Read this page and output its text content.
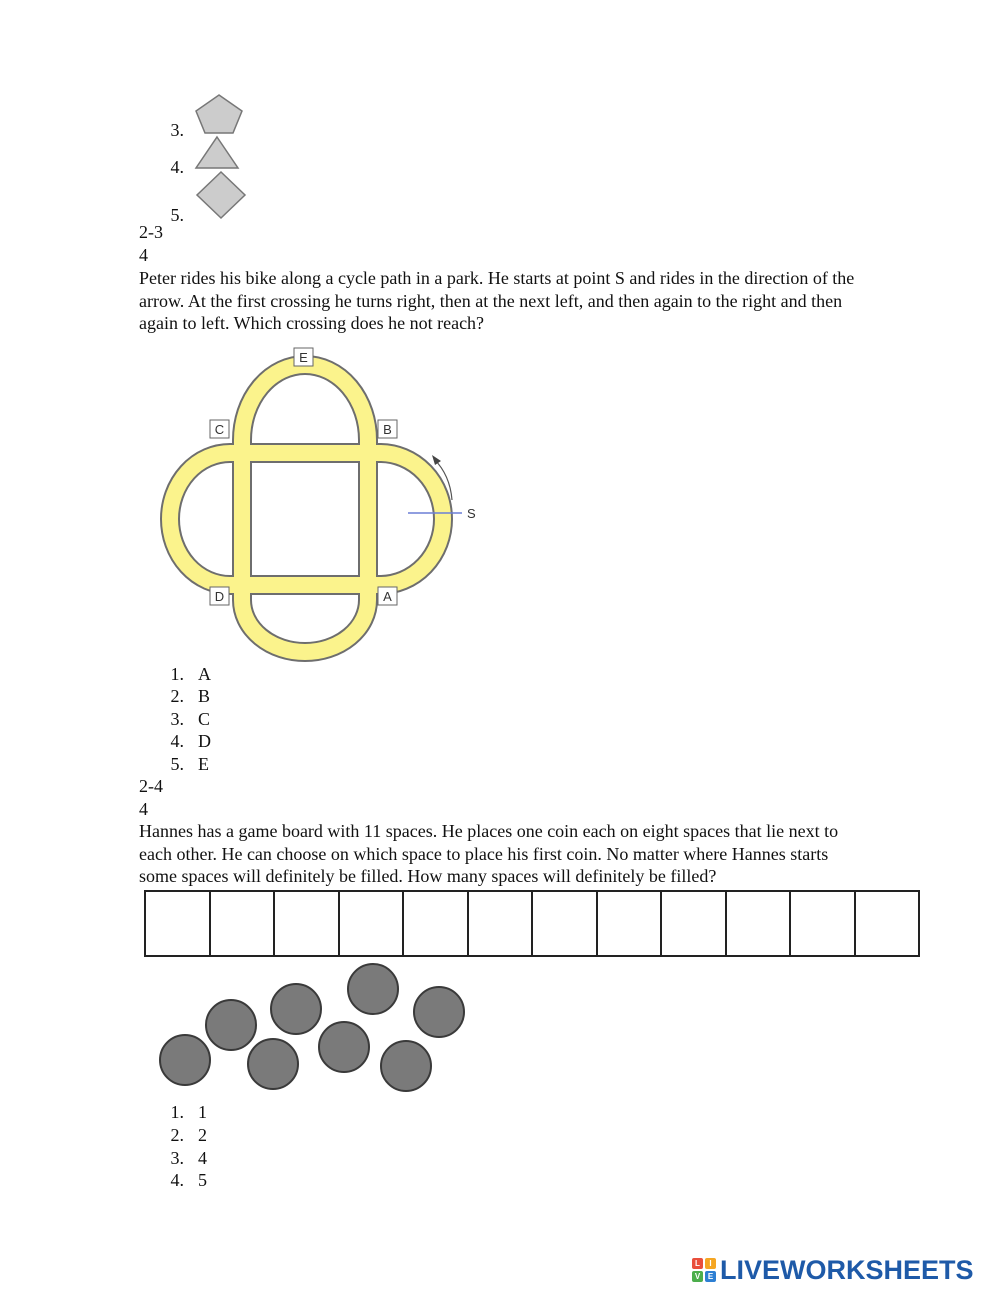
3.
4.
5.
2-3
4
Peter rides his bike along a cycle path in a park. He starts at point S and rides in the direction of the
arrow. At the first crossing he turns right, then at the next left, and then again to the right and then
again to left. Which crossing does he not reach?
E
C	B
D	A
S
1. A
2. B
3. C
4. D
5. E
2-4
4
Hannes has a game board with 11 spaces. He places one coin each on eight spaces that lie next to
each other. He can choose on which space to place his first coin. No matter where Hannes starts
some spaces will definitely be filled. How many spaces will definitely be filled?
1. 1
2. 2
3. 4
4. 5
L	I
V E LIVEWORKSHEETS
